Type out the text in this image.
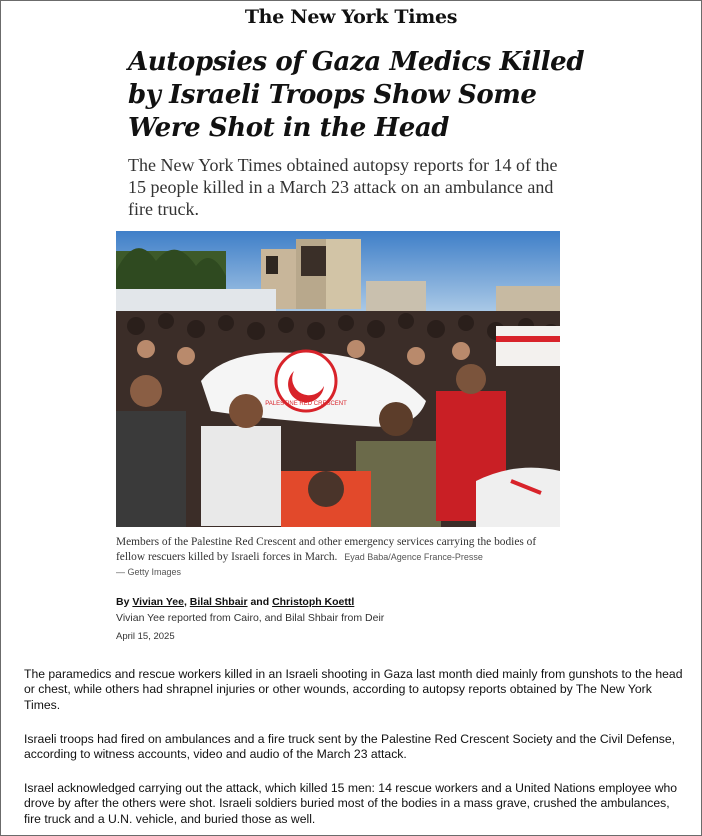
The New York Times
Autopsies of Gaza Medics Killed by Israeli Troops Show Some Were Shot in the Head
The New York Times obtained autopsy reports for 14 of the 15 people killed in a March 23 attack on an ambulance and fire truck.
PALESTINE RED CRESCENT
Members of the Palestine Red Crescent and other emergency services carrying the bodies of fellow rescuers killed by Israeli forces in March. Eyad Baba/Agence France-Presse
— Getty Images
By Vivian Yee, Bilal Shbair and Christoph Koettl
Vivian Yee reported from Cairo, and Bilal Shbair from Deir
April 15, 2025

The paramedics and rescue workers killed in an Israeli shooting in Gaza last month died mainly from gunshots to the head or chest, while others had shrapnel injuries or other wounds, according to autopsy reports obtained by The New York Times.

Israeli troops had fired on ambulances and a fire truck sent by the Palestine Red Crescent Society and the Civil Defense, according to witness accounts, video and audio of the March 23 attack.

Israel acknowledged carrying out the attack, which killed 15 men: 14 rescue workers and a United Nations employee who drove by after the others were shot. Israeli soldiers buried most of the bodies in a mass grave, crushed the ambulances, fire truck and a U.N. vehicle, and buried those as well.
